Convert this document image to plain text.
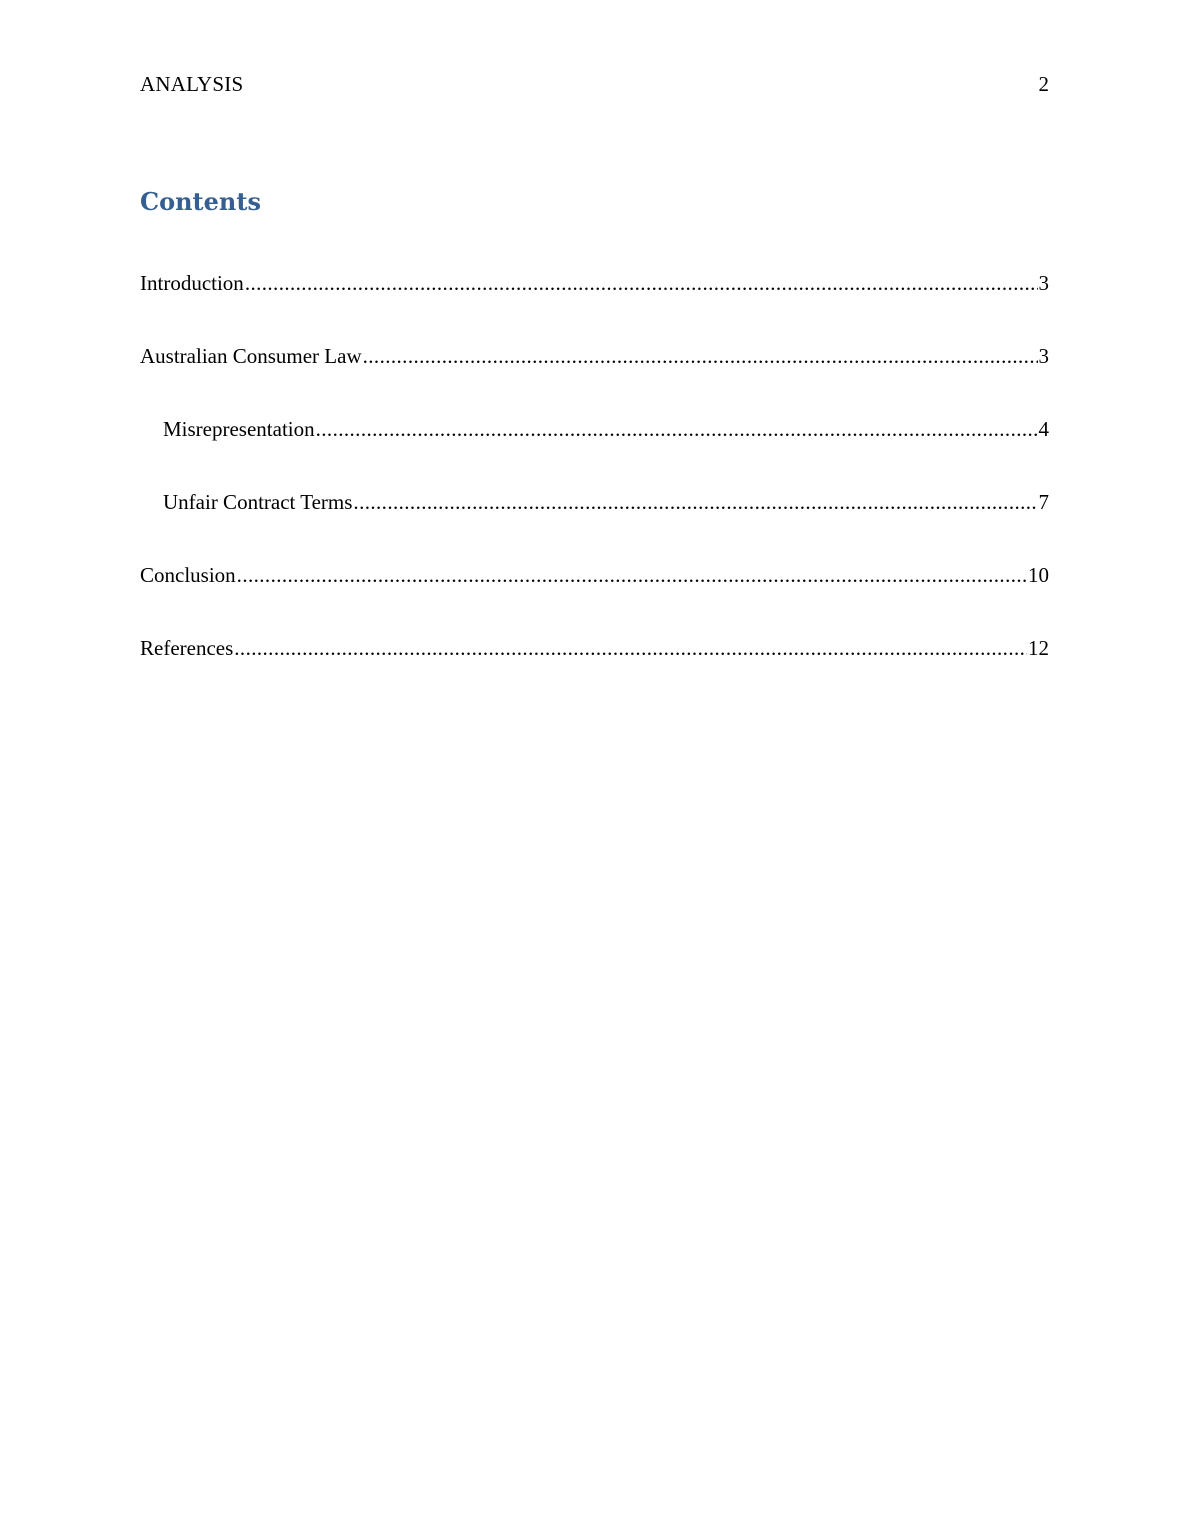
ANALYSIS	2
Contents
Introduction .....	3
Australian Consumer Law .....	3
Misrepresentation .....	4
Unfair Contract Terms .....	7
Conclusion .....	10
References .....	12
